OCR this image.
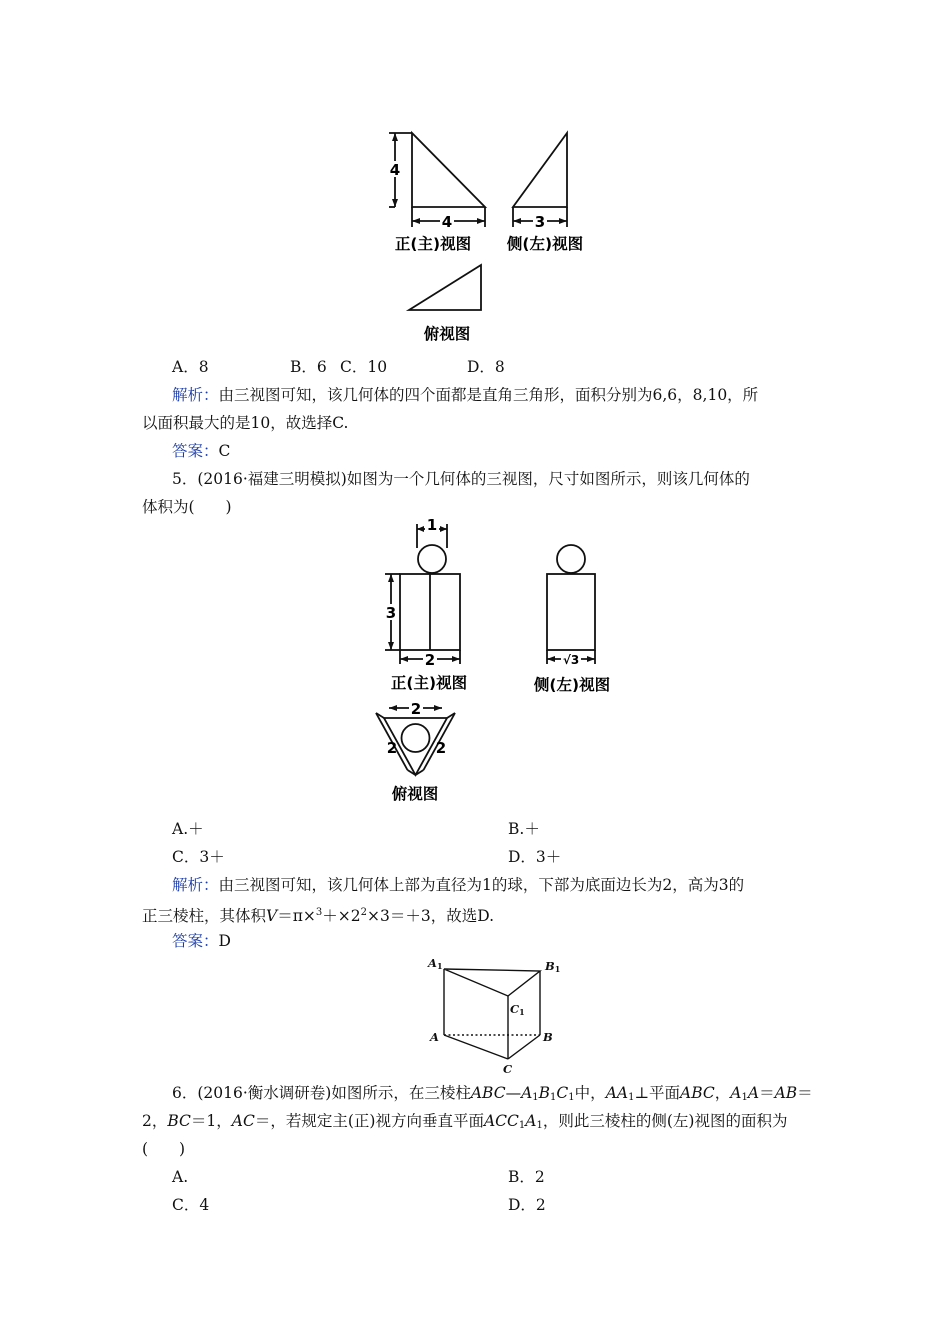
4
4	3
正(主)视图 侧(左)视图
俯视图
A．8	B．6 C．10	D．8
解析：由三视图可知，该几何体的四个面都是直角三角形，面积分别为6,6，8,10，所
以面积最大的是10，故选择C.
答案：C
5．(2016·福建三明模拟)如图为一个几何体的三视图，尺寸如图所示，则该几何体的
体积为(　　)
1
3
2	√3
正(主)视图	侧(左)视图
2
2	2
俯视图
A.＋	B.＋
C．3＋	D．3＋
解析：由三视图可知，该几何体上部为直径为1的球，下部为底面边长为2，高为3的
正三棱柱，其体积$V=\pi\times^3+\times 2^2\times 3=+3$，故选D.
答案：D
A1	B1
C1
A	B
C
6．(2016·衡水调研卷)如图所示，在三棱柱$ABC—A_1B_1C_1$中，$AA_1\perp$平面ABC，$A_1A=AB=$
2，BC＝1，AC＝，若规定主(正)视方向垂直平面$ACC_1A_1$，则此三棱柱的侧(左)视图的面积为
(　　)
A.	B．2
C．4	D．2
